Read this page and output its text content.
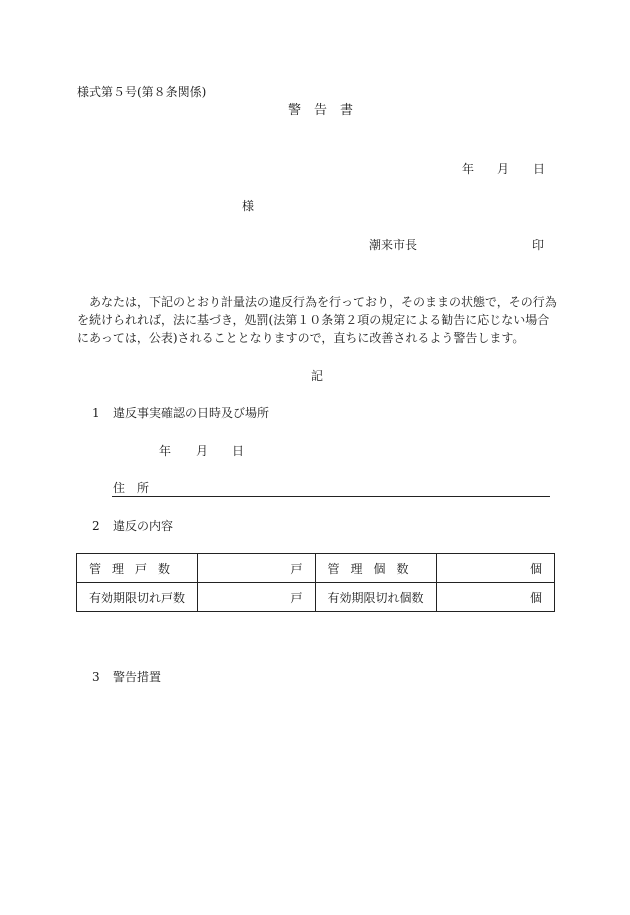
様式第５号(第８条関係)
警　告　書
年 月 日
様
潮来市長	印
　あなたは，下記のとおり計量法の違反行為を行っており，そのままの状態で，その行為
を続けられれば，法に基づき，処罰(法第１０条第２項の規定による勧告に応じない場合
にあっては，公表)されることとなりますので，直ちに改善されるよう警告します。
記
1 違反事実確認の日時及び場所
年 月 日
住　所
2 違反の内容
管理戸数	戸	管理個数	個
有効期限切れ戸数	戸	有効期限切れ個数	個
3 警告措置
